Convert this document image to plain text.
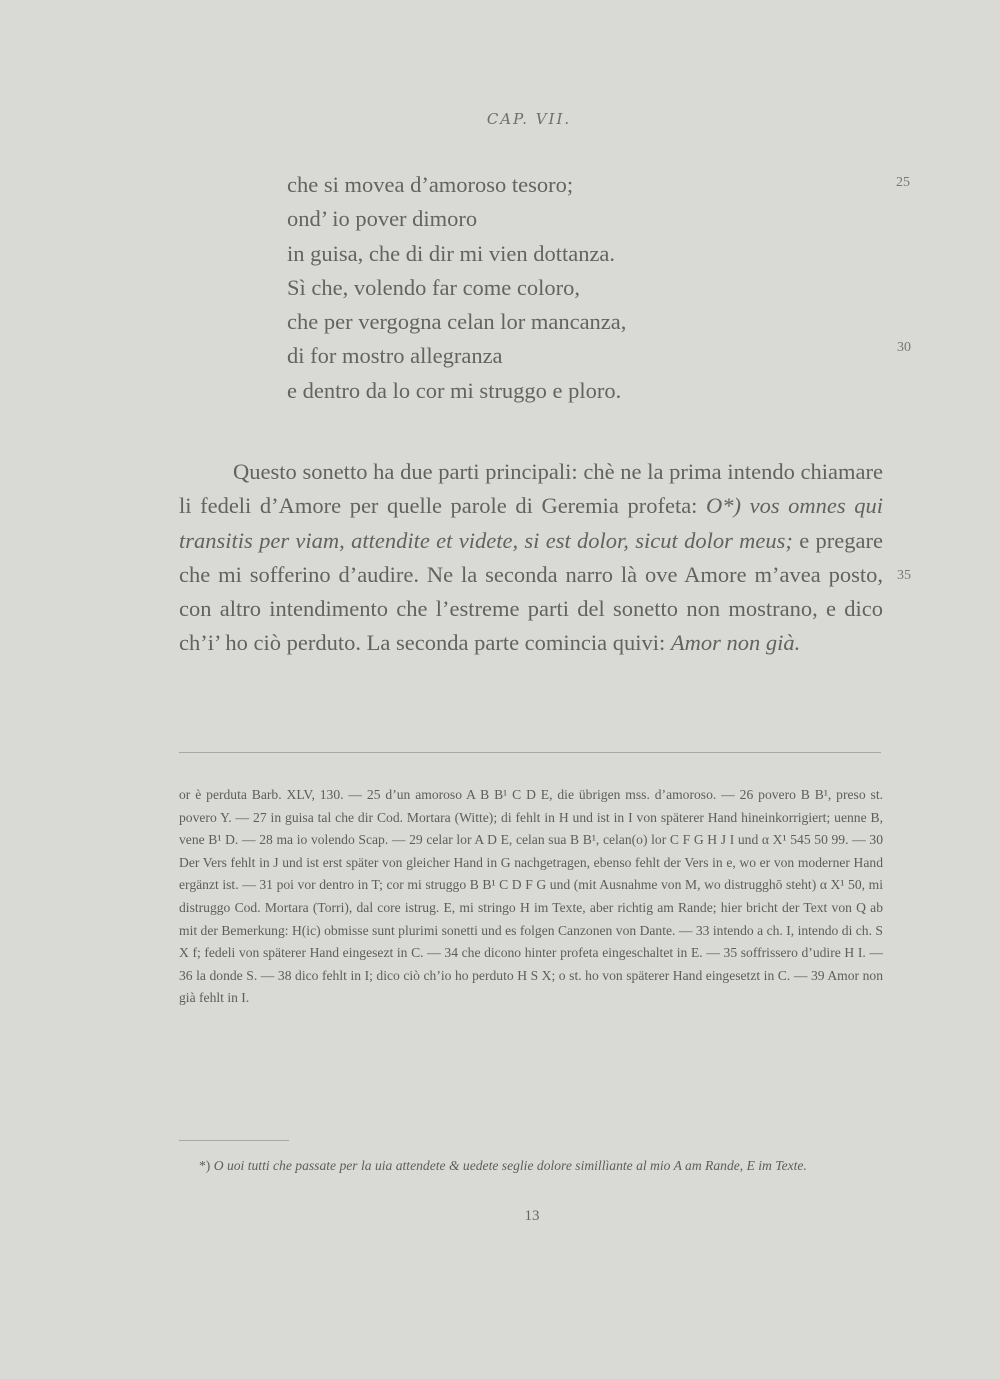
CAP. VII.
che si movea d’amoroso tesoro;
ond’ io pover dimoro
in guisa, che di dir mi vien dottanza.
Sì che, volendo far come coloro,
che per vergogna celan lor mancanza,
di for mostro allegranza
e dentro da lo cor mi struggo e ploro.
25
30

Questo sonetto ha due parti principali: chè ne la prima intendo chiamare li fedeli d’Amore per quelle parole di Geremia profeta: O*) vos omnes qui transitis per viam, attendite et videte, si est dolor, sicut dolor meus; e pregare che mi sofferino d’audire. Ne la seconda narro là ove Amore m’avea posto, con altro intendimento che l’estreme parti del sonetto non mostrano, e dico ch’i’ ho ciò perduto. La seconda parte comincia quivi: Amor non già.

35
or è perduta Barb. XLV, 130. — 25 d’un amoroso A B B¹ C D E, die übrigen mss. d’amoroso. — 26 povero B B¹, preso st. povero Y. — 27 in guisa tal che dir Cod. Mortara (Witte); di fehlt in H und ist in I von späterer Hand hineinkorrigiert; uenne B, vene B¹ D. — 28 ma io volendo Scap. — 29 celar lor A D E, celan sua B B¹, celan(o) lor C F G H J I und α X¹ 545 50 99. — 30 Der Vers fehlt in J und ist erst später von gleicher Hand in G nachgetragen, ebenso fehlt der Vers in e, wo er von moderner Hand ergänzt ist. — 31 poi vor dentro in T; cor mi struggo B B¹ C D F G und (mit Ausnahme von M, wo distrugghō steht) α X¹ 50, mi distruggo Cod. Mortara (Torri), dal core istrug. E, mi stringo H im Texte, aber richtig am Rande; hier bricht der Text von Q ab mit der Bemerkung: H(ic) obmisse sunt plurimi sonetti und es folgen Canzonen von Dante. — 33 intendo a ch. I, intendo di ch. S X f; fedeli von späterer Hand eingesezt in C. — 34 che dicono hinter profeta eingeschaltet in E. — 35 soffrissero d’udire H I. — 36 la donde S. — 38 dico fehlt in I; dico ciò ch’io ho perduto H S X; o st. ho von späterer Hand eingesetzt in C. — 39 Amor non già fehlt in I.
*) O uoi tutti che passate per la uia attendete & uedete seglie dolore simillìante al mio A am Rande, E im Texte.
13
